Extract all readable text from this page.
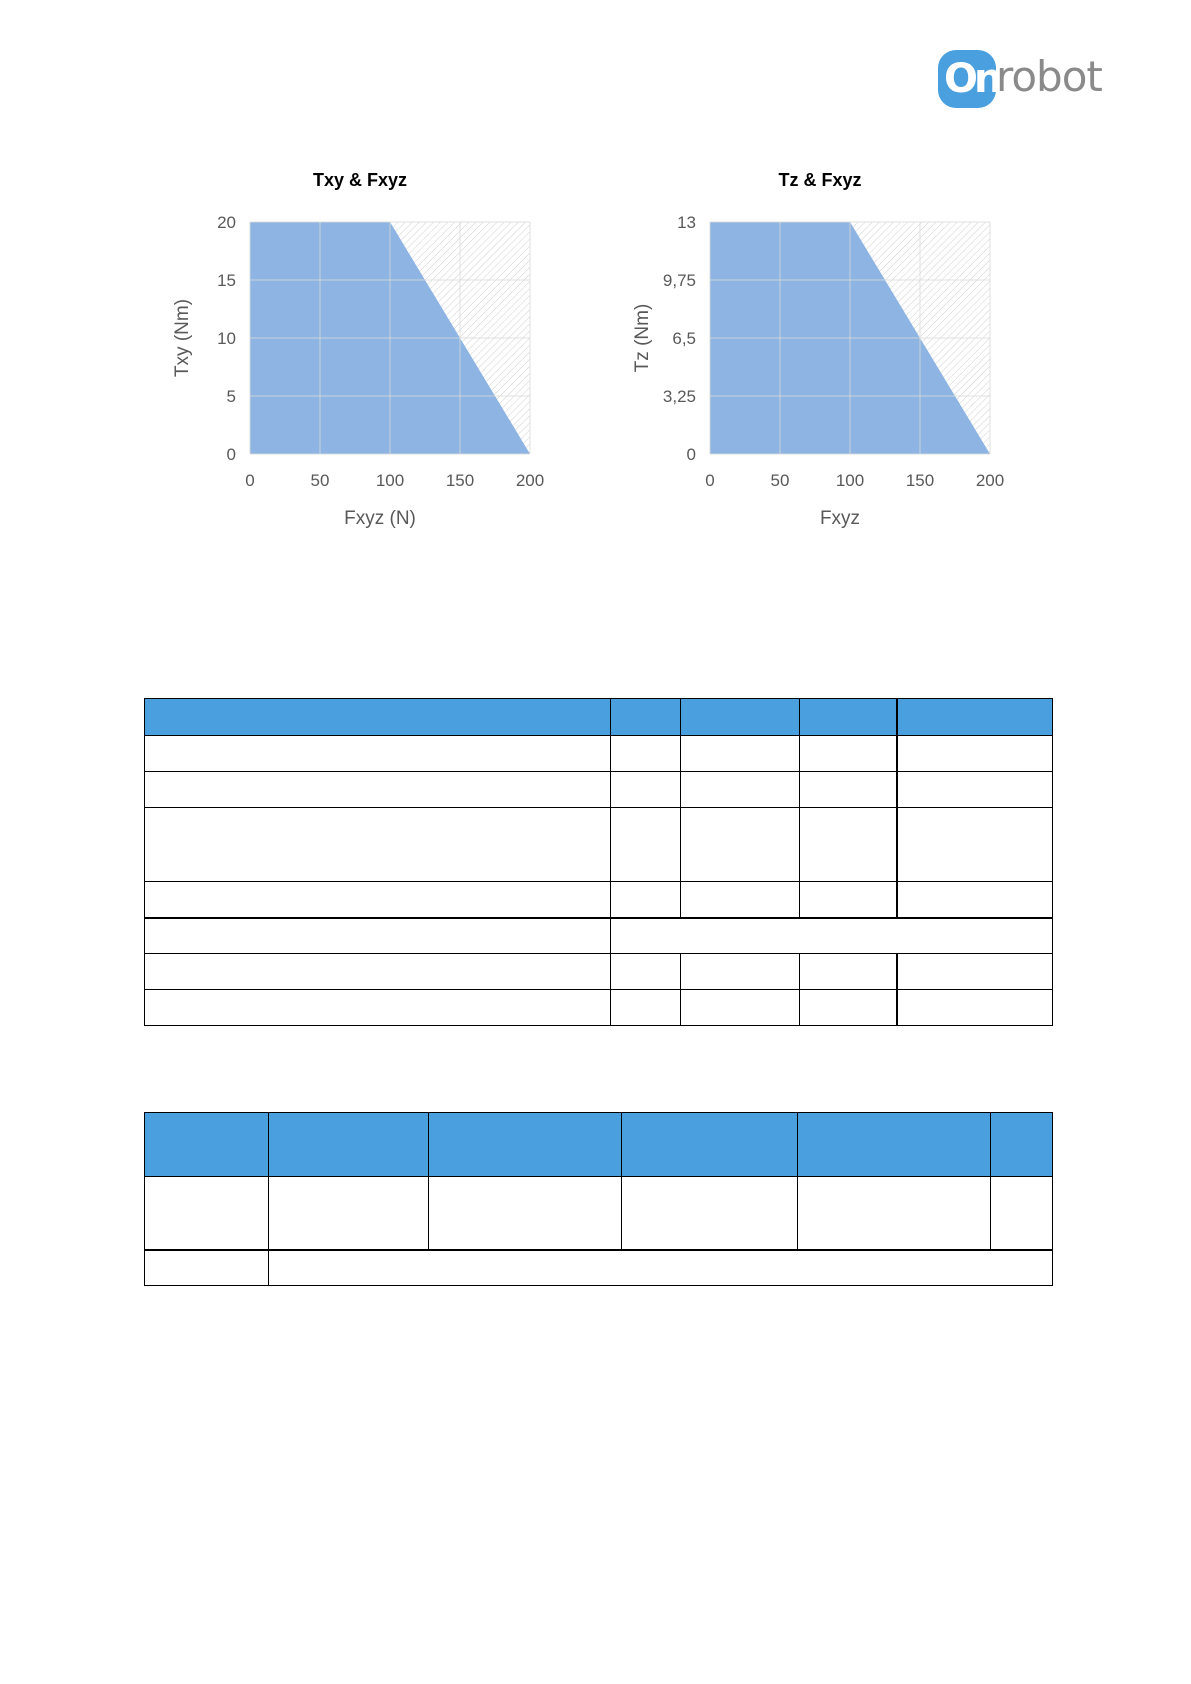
On
robot
0	50	100 150 200
0
5
10
15
20
Txy & Fxyz
Fxyz (N)
Txy (Nm)
0	50	100 150 200
0
3,25
6,5
9,75
13
Tz & Fxyz
Fxyz
Tz (Nm)
